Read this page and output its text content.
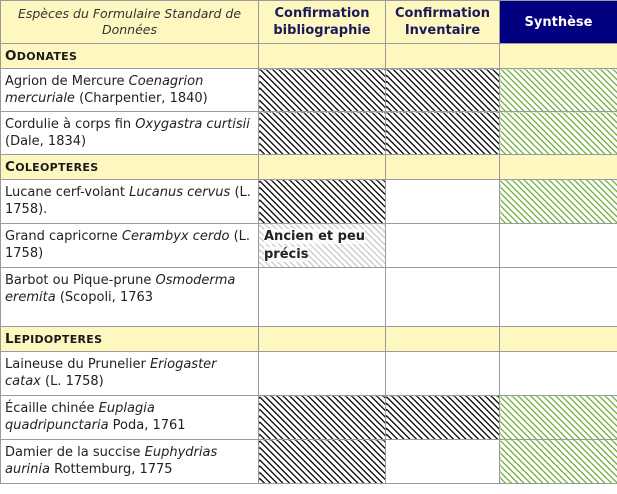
Espèces du Formulaire Standard de Données	Confirmation bibliographie	Confirmation Inventaire	Synthèse
ODONATES			
Agrion de Mercure Coenagrion mercuriale (Charpentier, 1840)			
Cordulie à corps fin Oxygastra curtisii (Dale, 1834)			
COLEOPTERES			
Lucane cerf-volant Lucanus cervus (L. 1758).			
Grand capricorne Cerambyx cerdo (L. 1758)	Ancien et peu précis		

Barbot ou Pique-prune Osmoderma eremita (Scopoli, 1763			
LEPIDOPTERES			
Laineuse du Prunelier Eriogaster catax (L. 1758)			
Écaille chinée Euplagia quadripunctaria Poda, 1761			
Damier de la succise Euphydrias aurinia Rottemburg, 1775			
